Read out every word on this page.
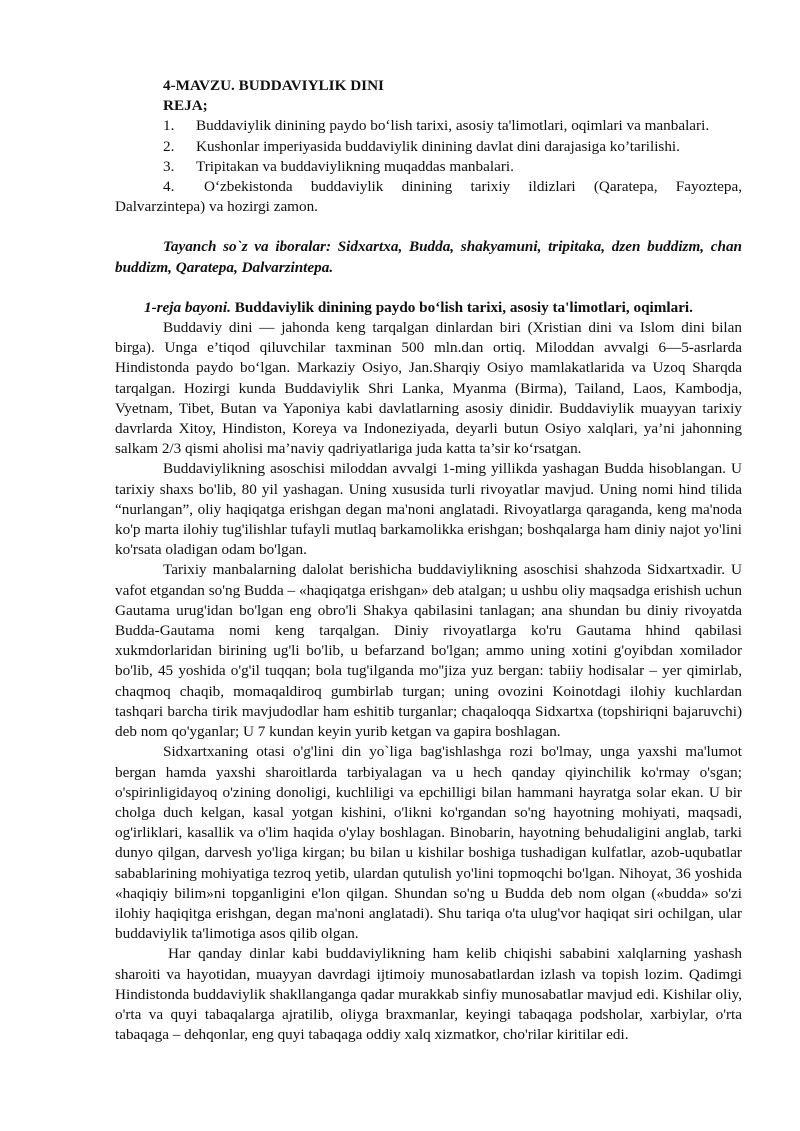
4-MAVZU. BUDDAVIYLIK DINI
REJA;
1.	Buddaviylik dinining paydo bo‘lish tarixi, asosiy ta'limotlari, oqimlari va manbalari.
2.	Kushonlar imperiyasida buddaviylik dinining davlat dini darajasiga ko’tarilishi.
3.	Tripitakan va buddaviylikning muqaddas manbalari.
4. O‘zbekistonda buddaviylik dinining tarixiy ildizlari (Qaratepa, Fayoztepa, Dalvarzintepa) va hozirgi zamon.
Tayanch so`z va iboralar: Sidxartxa, Budda, shakyamuni, tripitaka, dzen buddizm, chan buddizm, Qaratepa, Dalvarzintepa.
1-reja bayoni. Buddaviylik dinining paydo bo‘lish tarixi, asosiy ta'limotlari, oqimlari.
Buddaviy dini — jahonda keng tarqalgan dinlardan biri (Xristian dini va Islom dini bilan birga). Unga e’tiqod qiluvchilar taxminan 500 mln.dan ortiq. Miloddan avvalgi 6—5-asrlarda Hindistonda paydo bo‘lgan. Markaziy Osiyo, Jan.Sharqiy Osiyo mamlakatlarida va Uzoq Sharqda tarqalgan. Hozirgi kunda Buddaviylik Shri Lanka, Myanma (Birma), Tailand, Laos, Kambodja, Vyetnam, Tibet, Butan va Yaponiya kabi davlatlarning asosiy dinidir. Buddaviylik muayyan tarixiy davrlarda Xitoy, Hindiston, Koreya va Indoneziyada, deyarli butun Osiyo xalqlari, ya’ni jahonning salkam 2/3 qismi aholisi ma’naviy qadriyatlariga juda katta ta’sir ko‘rsatgan.
Buddaviylikning asoschisi miloddan avvalgi 1-ming yillikda yashagan Budda hisoblangan. U tarixiy shaxs bo'lib, 80 yil yashagan. Uning xususida turli rivoyatlar mavjud. Uning nomi hind tilida “nurlangan”, oliy haqiqatga erishgan degan ma'noni anglatadi. Rivoyatlarga qaraganda, keng ma'noda ko'p marta ilohiy tug'ilishlar tufayli mutlaq barkamolikka erishgan; boshqalarga ham diniy najot yo'lini ko'rsata oladigan odam bo'lgan.
Tarixiy manbalarning dalolat berishicha buddaviylikning asoschisi shahzoda Sidxartxadir. U vafot etgandan so'ng Budda – «haqiqatga erishgan» deb atalgan; u ushbu oliy maqsadga erishish uchun Gautama urug'idan bo'lgan eng obro'li Shakya qabilasini tanlagan; ana shundan bu diniy rivoyatda Budda-Gautama nomi keng tarqalgan. Diniy rivoyatlarga ko'ru Gautama hhind qabilasi xukmdorlaridan birining ug'li bo'lib, u befarzand bo'lgan; ammo uning xotini g'oyibdan xomilador bo'lib, 45 yoshida o'g'il tuqqan; bola tug'ilganda mo''jiza yuz bergan: tabiiy hodisalar – yer qimirlab, chaqmoq chaqib, momaqaldiroq gumbirlab turgan; uning ovozini Koinotdagi ilohiy kuchlardan tashqari barcha tirik mavjudodlar ham eshitib turganlar; chaqaloqqa Sidxartxa (topshiriqni bajaruvchi) deb nom qo'yganlar; U 7 kundan keyin yurib ketgan va gapira boshlagan.
Sidxartxaning otasi o'g'lini din yo`liga bag'ishlashga rozi bo'lmay, unga yaxshi ma'lumot bergan hamda yaxshi sharoitlarda tarbiyalagan va u hech qanday qiyinchilik ko'rmay o'sgan; o'spirinligidayoq o'zining donoligi, kuchliligi va epchilligi bilan hammani hayratga solar ekan. U bir cholga duch kelgan, kasal yotgan kishini, o'likni ko'rgandan so'ng hayotning mohiyati, maqsadi, og'irliklari, kasallik va o'lim haqida o'ylay boshlagan. Binobarin, hayotning behudaligini anglab, tarki dunyo qilgan, darvesh yo'liga kirgan; bu bilan u kishilar boshiga tushadigan kulfatlar, azob-uqubatlar sabablarining mohiyatiga tezroq yetib, ulardan qutulish yo'lini topmoqchi bo'lgan. Nihoyat, 36 yoshida «haqiqiy bilim»ni topganligini e'lon qilgan. Shundan so'ng u Budda deb nom olgan («budda» so'zi ilohiy haqiqitga erishgan, degan ma'noni anglatadi). Shu tariqa o'ta ulug'vor haqiqat siri ochilgan, ular buddaviylik ta'limotiga asos qilib olgan.
Har qanday dinlar kabi buddaviylikning ham kelib chiqishi sababini xalqlarning yashash sharoiti va hayotidan, muayyan davrdagi ijtimoiy munosabatlardan izlash va topish lozim. Qadimgi Hindistonda buddaviylik shakllanganga qadar murakkab sinfiy munosabatlar mavjud edi. Kishilar oliy, o'rta va quyi tabaqalarga ajratilib, oliyga braxmanlar, keyingi tabaqaga podsholar, xarbiylar, o'rta tabaqaga – dehqonlar, eng quyi tabaqaga oddiy xalq xizmatkor, cho'rilar kiritilar edi.
